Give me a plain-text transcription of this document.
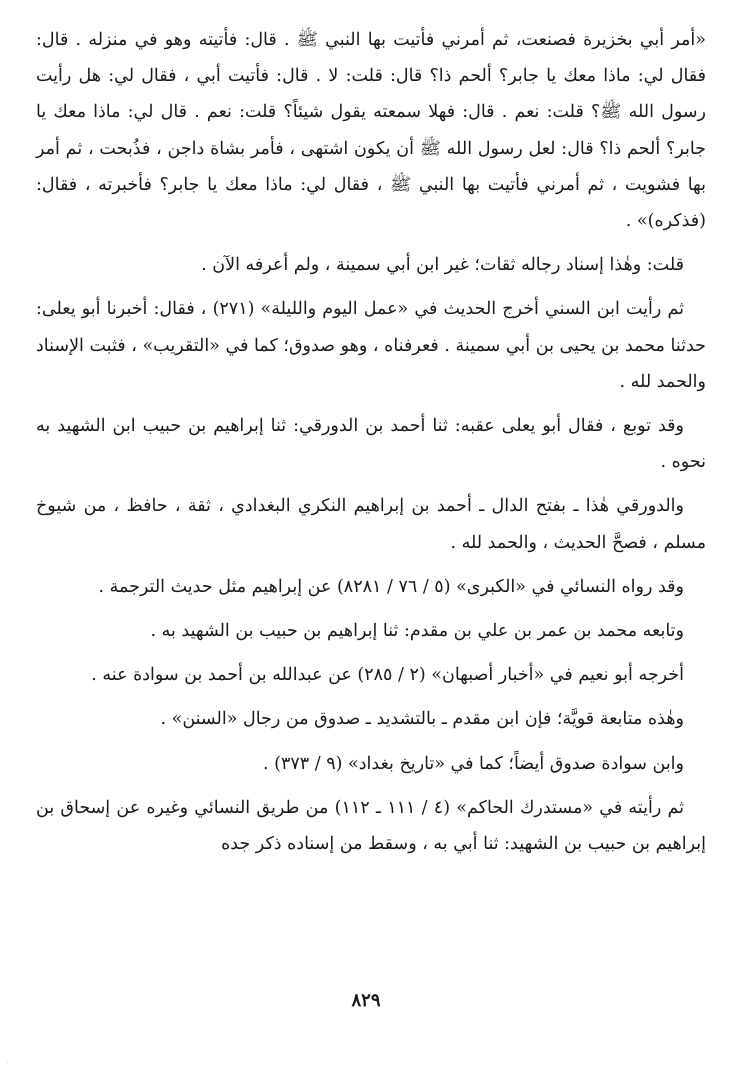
«أمر أبي بخزيرة فصنعت، ثم أمرني فأتيت بها النبي ﷺ . قال: فأتيته وهو في منزله . قال: فقال لي: ماذا معك يا جابر؟ ألحم ذا؟ قال: قلت: لا . قال: فأتيت أبي ، فقال لي: هل رأيت رسول الله ﷺ؟ قلت: نعم . قال: فهلا سمعته يقول شيئاً؟ قلت: نعم . قال لي: ماذا معك يا جابر؟ ألحم ذا؟ قال: لعل رسول الله ﷺ أن يكون اشتهى ، فأمر بشاة داجن ، فذُبحت ، ثم أمر بها فشويت ، ثم أمرني فأتيت بها النبي ﷺ ، فقال لي: ماذا معك يا جابر؟ فأخبرته ، فقال: (فذكره)» .

قلت: وهٰذا إسناد رجاله ثقات؛ غير ابن أبي سمينة ، ولم أعرفه الآن .

ثم رأيت ابن السني أخرج الحديث في «عمل اليوم والليلة» (٢٧١) ، فقال: أخبرنا أبو يعلى: حدثنا محمد بن يحيى بن أبي سمينة . فعرفناه ، وهو صدوق؛ كما في «التقريب» ، فثبت الإسناد والحمد لله .

وقد توبع ، فقال أبو يعلى عقبه: ثنا أحمد بن الدورقي: ثنا إبراهيم بن حبيب ابن الشهيد به نحوه .

والدورقي هٰذا ـ بفتح الدال ـ أحمد بن إبراهيم النكري البغدادي ، ثقة ، حافظ ، من شيوخ مسلم ، فصحَّ الحديث ، والحمد لله .

وقد رواه النسائي في «الكبرى» (٥ / ٧٦ / ٨٢٨١) عن إبراهيم مثل حديث الترجمة .

وتابعه محمد بن عمر بن علي بن مقدم: ثنا إبراهيم بن حبيب بن الشهيد به .

أخرجه أبو نعيم في «أخبار أصبهان» (٢ / ٢٨٥) عن عبدالله بن أحمد بن سوادة عنه .

وهٰذه متابعة قويَّة؛ فإن ابن مقدم ـ بالتشديد ـ صدوق من رجال «السنن» .

وابن سوادة صدوق أيضاً؛ كما في «تاريخ بغداد» (٩ / ٣٧٣) .

ثم رأيته في «مستدرك الحاكم» (٤ / ١١١ ـ ١١٢) من طريق النسائي وغيره عن إسحاق بن إبراهيم بن حبيب بن الشهيد: ثنا أبي به ، وسقط من إسناده ذكر جده

٨٢٩
·
